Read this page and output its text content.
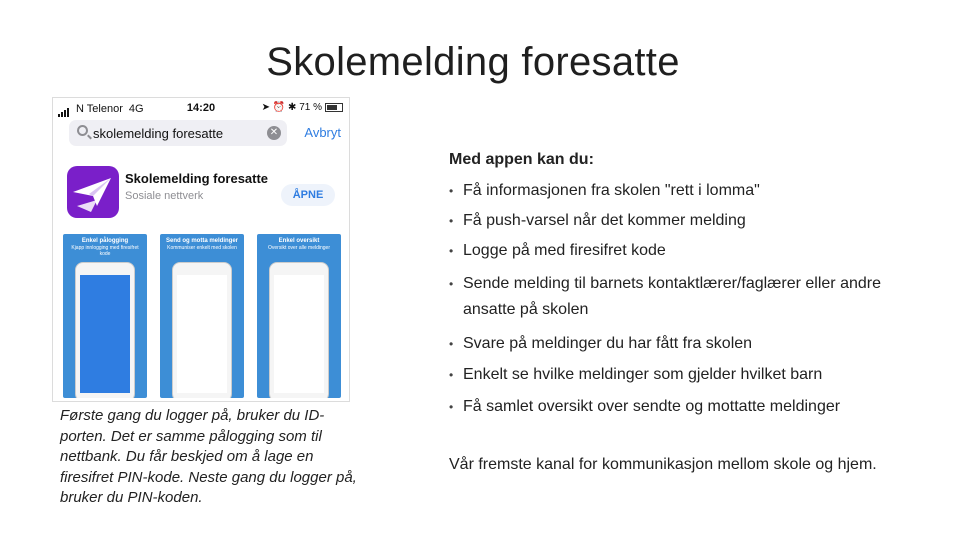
Skolemelding foresatte
N Telenor 4G	14:20	➤ ⏰ ✱ 71 %
skolemelding foresatte
✕ Avbryt
Skolemelding foresatte
Sosiale nettverk	ÅPNE
Enkel pålogging
Kjapp innlogging med firesifret kode
Send og motta meldinger
Kommuniser enkelt med skolen
Enkel oversikt
Oversikt over alle meldinger

Første gang du logger på, bruker du ID-porten. Det er samme pålogging som til nettbank. Du får beskjed om å lage en firesifret PIN-kode. Neste gang du logger på, bruker du PIN-koden.

Med appen kan du:

• Få informasjonen fra skolen "rett i lomma"
• Få push-varsel når det kommer melding
• Logge på med firesifret kode
• Sende melding til barnets kontaktlærer/faglærer eller andre ansatte på skolen
• Svare på meldinger du har fått fra skolen
• Enkelt se hvilke meldinger som gjelder hvilket barn
• Få samlet oversikt over sendte og mottatte meldinger

Vår fremste kanal for kommunikasjon mellom skole og hjem.
